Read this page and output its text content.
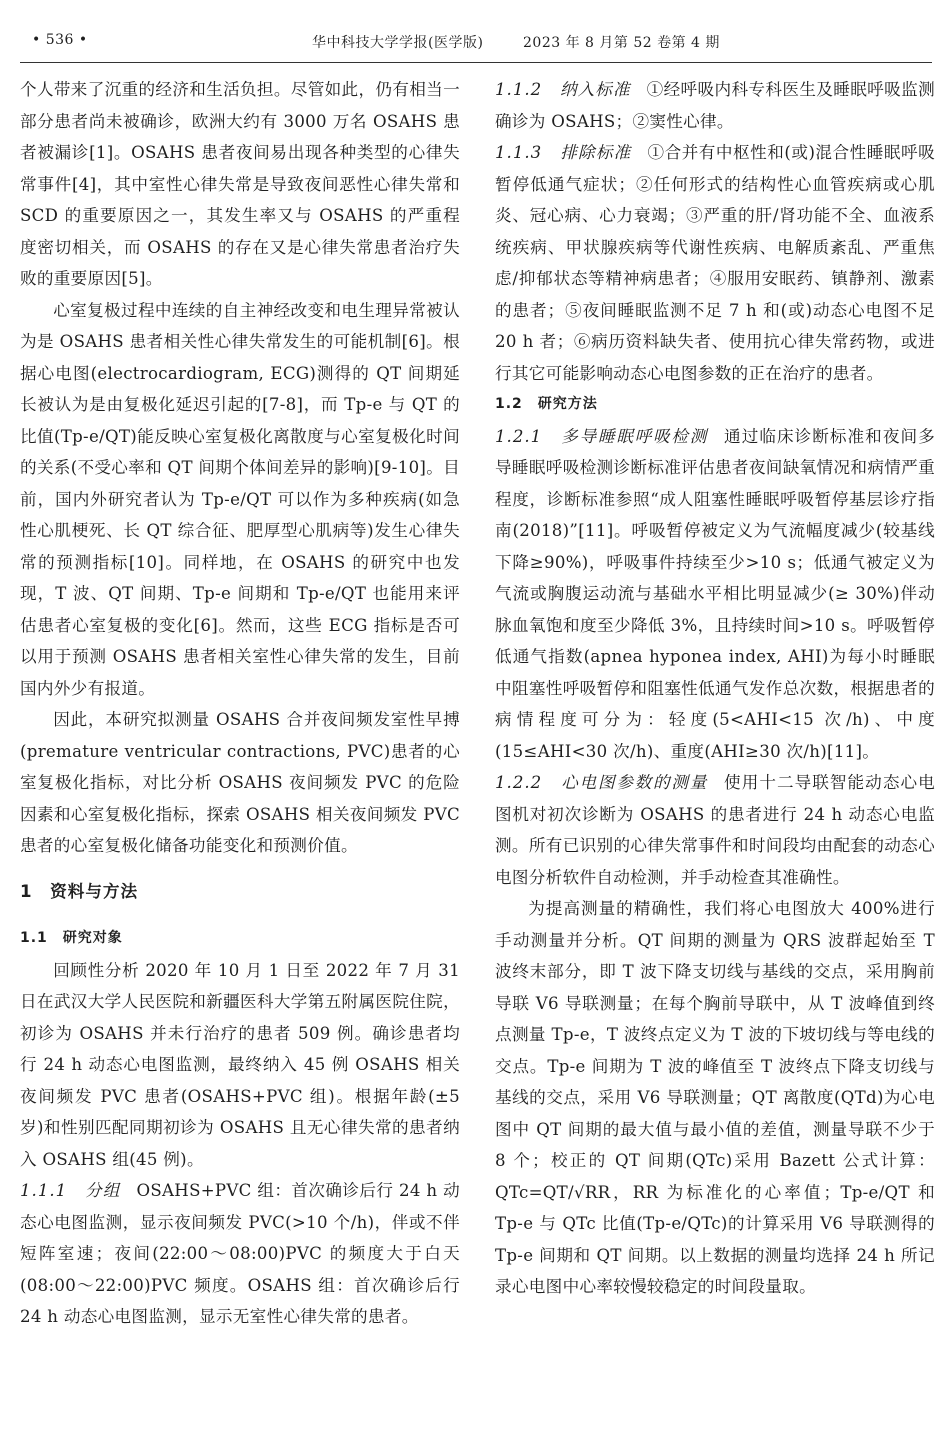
• 536 •	华中科技大学学报(医学版)	2023 年 8 月第 52 卷第 4 期

个人带来了沉重的经济和生活负担。尽管如此，仍有相当一部分患者尚未被确诊，欧洲大约有 3000 万名 OSAHS 患者被漏诊[1]。OSAHS 患者夜间易出现各种类型的心律失常事件[4]，其中室性心律失常是导致夜间恶性心律失常和 SCD 的重要原因之一，其发生率又与 OSAHS 的严重程度密切相关，而 OSAHS 的存在又是心律失常患者治疗失败的重要原因[5]。

心室复极过程中连续的自主神经改变和电生理异常被认为是 OSAHS 患者相关性心律失常发生的可能机制[6]。根据心电图(electrocardiogram, ECG)测得的 QT 间期延长被认为是由复极化延迟引起的[7-8]，而 Tp-e 与 QT 的比值(Tp-e/QT)能反映心室复极化离散度与心室复极化时间的关系(不受心率和 QT 间期个体间差异的影响)[9-10]。目前，国内外研究者认为 Tp-e/QT 可以作为多种疾病(如急性心肌梗死、长 QT 综合征、肥厚型心肌病等)发生心律失常的预测指标[10]。同样地，在 OSAHS 的研究中也发现，T 波、QT 间期、Tp-e 间期和 Tp-e/QT 也能用来评估患者心室复极的变化[6]。然而，这些 ECG 指标是否可以用于预测 OSAHS 患者相关室性心律失常的发生，目前国内外少有报道。

因此，本研究拟测量 OSAHS 合并夜间频发室性早搏(premature ventricular contractions, PVC)患者的心室复极化指标，对比分析 OSAHS 夜间频发 PVC 的危险因素和心室复极化指标，探索 OSAHS 相关夜间频发 PVC 患者的心室复极化储备功能变化和预测价值。

1　资料与方法
1.1　研究对象

回顾性分析 2020 年 10 月 1 日至 2022 年 7 月 31 日在武汉大学人民医院和新疆医科大学第五附属医院住院，初诊为 OSAHS 并未行治疗的患者 509 例。确诊患者均行 24 h 动态心电图监测，最终纳入 45 例 OSAHS 相关夜间频发 PVC 患者(OSAHS+PVC 组)。根据年龄(±5 岁)和性别匹配同期初诊为 OSAHS 且无心律失常的患者纳入 OSAHS 组(45 例)。

1.1.1　分组 OSAHS+PVC 组：首次确诊后行 24 h 动态心电图监测，显示夜间频发 PVC(>10 个/h)，伴或不伴短阵室速；夜间(22:00～08:00)PVC 的频度大于白天(08:00～22:00)PVC 频度。OSAHS 组：首次确诊后行 24 h 动态心电图监测，显示无室性心律失常的患者。

1.1.2　纳入标准 ①经呼吸内科专科医生及睡眠呼吸监测确诊为 OSAHS；②窦性心律。

1.1.3　排除标准 ①合并有中枢性和(或)混合性睡眠呼吸暂停低通气症状；②任何形式的结构性心血管疾病或心肌炎、冠心病、心力衰竭；③严重的肝/肾功能不全、血液系统疾病、甲状腺疾病等代谢性疾病、电解质紊乱、严重焦虑/抑郁状态等精神病患者；④服用安眠药、镇静剂、激素的患者；⑤夜间睡眠监测不足 7 h 和(或)动态心电图不足 20 h 者；⑥病历资料缺失者、使用抗心律失常药物，或进行其它可能影响动态心电图参数的正在治疗的患者。

1.2　研究方法

1.2.1　多导睡眠呼吸检测 通过临床诊断标准和夜间多导睡眠呼吸检测诊断标准评估患者夜间缺氧情况和病情严重程度，诊断标准参照“成人阻塞性睡眠呼吸暂停基层诊疗指南(2018)”[11]。呼吸暂停被定义为气流幅度减少(较基线下降≥90%)，呼吸事件持续至少>10 s；低通气被定义为气流或胸腹运动流与基础水平相比明显减少(≥ 30%)伴动脉血氧饱和度至少降低 3%，且持续时间>10 s。呼吸暂停低通气指数(apnea hyponea index, AHI)为每小时睡眠中阻塞性呼吸暂停和阻塞性低通气发作总次数，根据患者的病情程度可分为：轻度(5<AHI<15 次/h)、中度(15≤AHI<30 次/h)、重度(AHI≥30 次/h)[11]。

1.2.2　心电图参数的测量 使用十二导联智能动态心电图机对初次诊断为 OSAHS 的患者进行 24 h 动态心电监测。所有已识别的心律失常事件和时间段均由配套的动态心电图分析软件自动检测，并手动检查其准确性。

为提高测量的精确性，我们将心电图放大 400%进行手动测量并分析。QT 间期的测量为 QRS 波群起始至 T 波终末部分，即 T 波下降支切线与基线的交点，采用胸前导联 V6 导联测量；在每个胸前导联中，从 T 波峰值到终点测量 Tp-e，T 波终点定义为 T 波的下坡切线与等电线的交点。Tp-e 间期为 T 波的峰值至 T 波终点下降支切线与基线的交点，采用 V6 导联测量；QT 离散度(QTd)为心电图中 QT 间期的最大值与最小值的差值，测量导联不少于 8 个；校正的 QT 间期(QTc)采用 Bazett 公式计算：QTc=QT/√RR，RR 为标准化的心率值；Tp-e/QT 和 Tp-e 与 QTc 比值(Tp-e/QTc)的计算采用 V6 导联测得的 Tp-e 间期和 QT 间期。以上数据的测量均选择 24 h 所记录心电图中心率较慢较稳定的时间段量取。
